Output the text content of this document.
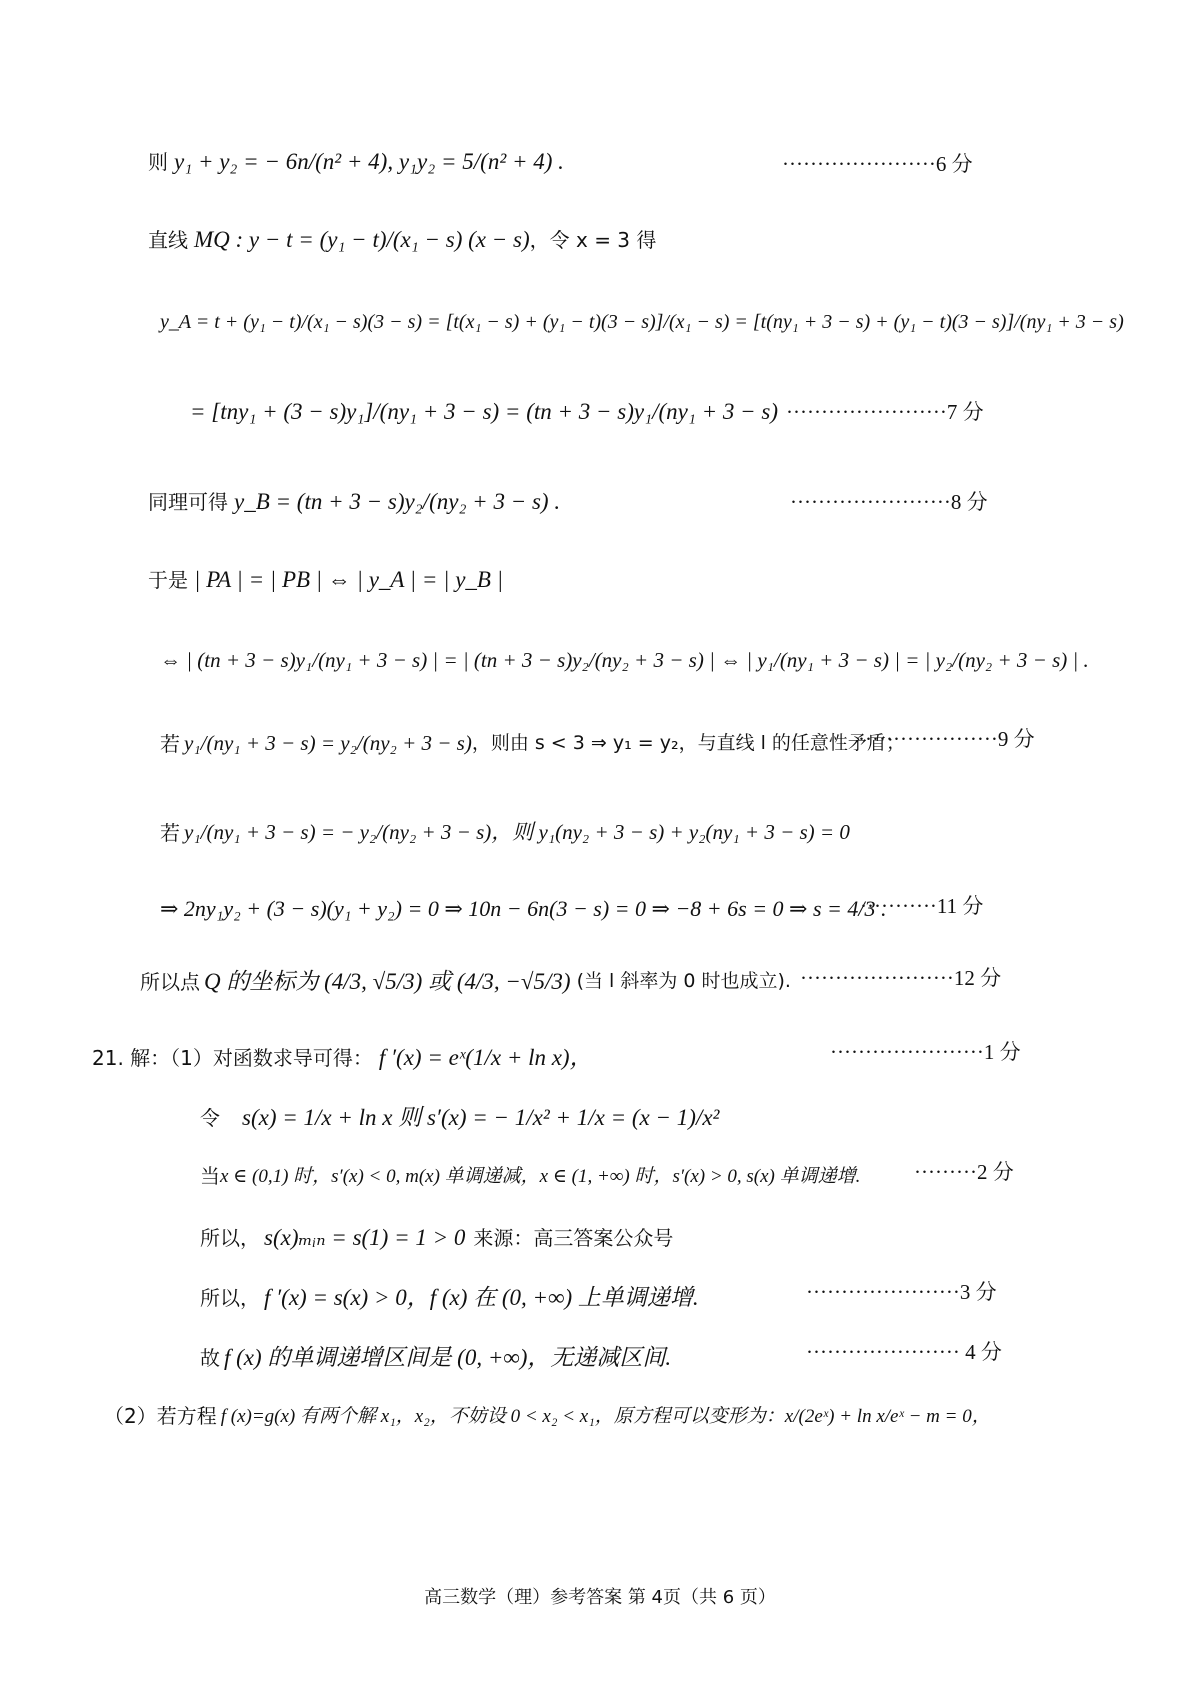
则 y₁ + y₂ = − 6n/(n² + 4), y₁y₂ = 5/(n² + 4) .	······················6 分
直线 MQ : y − t = (y₁ − t)/(x₁ − s) (x − s) ，令 x = 3 得
y_A = t + (y₁ − t)/(x₁ − s)(3 − s) = [t(x₁ − s) + (y₁ − t)(3 − s)]/(x₁ − s) = [t(ny₁ + 3 − s) + (y₁ − t)(3 − s)]/(ny₁ + 3 − s)
= [tny₁ + (3 − s)y₁]/(ny₁ + 3 − s) = (tn + 3 − s)y₁/(ny₁ + 3 − s) ·······················7 分
同理可得 y_B = (tn + 3 − s)y₂/(ny₂ + 3 − s) .	·······················8 分
于是 | PA | = | PB | ⇔ | y_A | = | y_B |
⇔ | (tn + 3 − s)y₁/(ny₁ + 3 − s) | = | (tn + 3 − s)y₂/(ny₂ + 3 − s) | ⇔ | y₁/(ny₁ + 3 − s) | = | y₂/(ny₂ + 3 − s) | .
若 y₁/(ny₁ + 3 − s) = y₂/(ny₂ + 3 − s) ，则由 s < 3 ⇒ y₁ = y₂，与直线 l 的任意性矛盾；
····················9 分
若 y₁/(ny₁ + 3 − s) = − y₂/(ny₂ + 3 − s) ，则 y₁(ny₂ + 3 − s) + y₂(ny₁ + 3 − s) = 0
⇒ 2ny₁y₂ + (3 − s)(y₁ + y₂) = 0 ⇒ 10n − 6n(3 − s) = 0 ⇒ −8 + 6s = 0 ⇒ s = 4/3 .
···········11 分
所以点 Q 的坐标为 (4/3, √5/3) 或 (4/3, −√5/3) (当 l 斜率为 0 时也成立). ······················12 分
21. 解：（1）对函数求导可得： f ′(x) = eˣ(1/x + ln x)，	······················1 分
令 s(x) = 1/x + ln x 则 s′(x) = − 1/x² + 1/x = (x − 1)/x²
当 x ∈ (0,1) 时，s′(x) < 0, m(x) 单调递减，x ∈ (1, +∞) 时，s′(x) > 0, s(x) 单调递增.	·········2 分
所以， s(x)ₘᵢₙ = s(1) = 1 > 0 来源：高三答案公众号
所以， f ′(x) = s(x) > 0，f (x) 在 (0, +∞) 上单调递增.	······················3 分
故 f (x) 的单调递增区间是 (0, +∞)，无递减区间.	······················ 4 分
（2）若方程 f (x)=g(x) 有两个解 x₁，x₂，不妨设 0 < x₂ < x₁，原方程可以变形为：x/(2eˣ) + ln x/eˣ − m = 0，
高三数学（理）参考答案 第 4页（共 6 页）
